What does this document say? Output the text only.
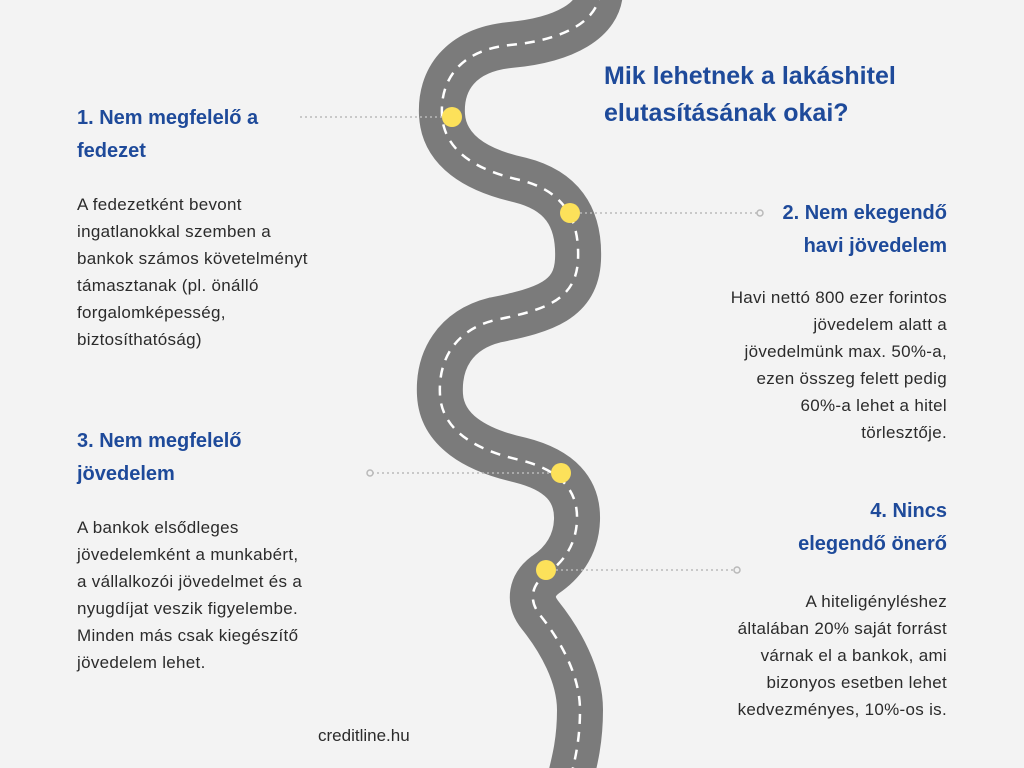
Mik lehetnek a lakáshitel elutasításának okai?
1. Nem megfelelő a
fedezet
A fedezetként bevont
ingatlanokkal szemben a
bankok számos követelményt
támasztanak (pl. önálló
forgalomképesség,
biztosíthatóság)
2. Nem ekegendő
havi jövedelem
Havi nettó 800 ezer forintos
jövedelem alatt a
jövedelmünk max. 50%-a,
ezen összeg felett pedig
60%-a lehet a hitel
törlesztője.
3. Nem megfelelő
jövedelem
A bankok elsődleges
jövedelemként a munkabért,
a vállalkozói jövedelmet és a
nyugdíjat veszik figyelembe.
Minden más csak kiegészítő
jövedelem lehet.
4. Nincs
elegendő önerő
A hiteligényléshez
általában 20% saját forrást
várnak el a bankok, ami
bizonyos esetben lehet
kedvezményes, 10%-os is.

creditline.hu
